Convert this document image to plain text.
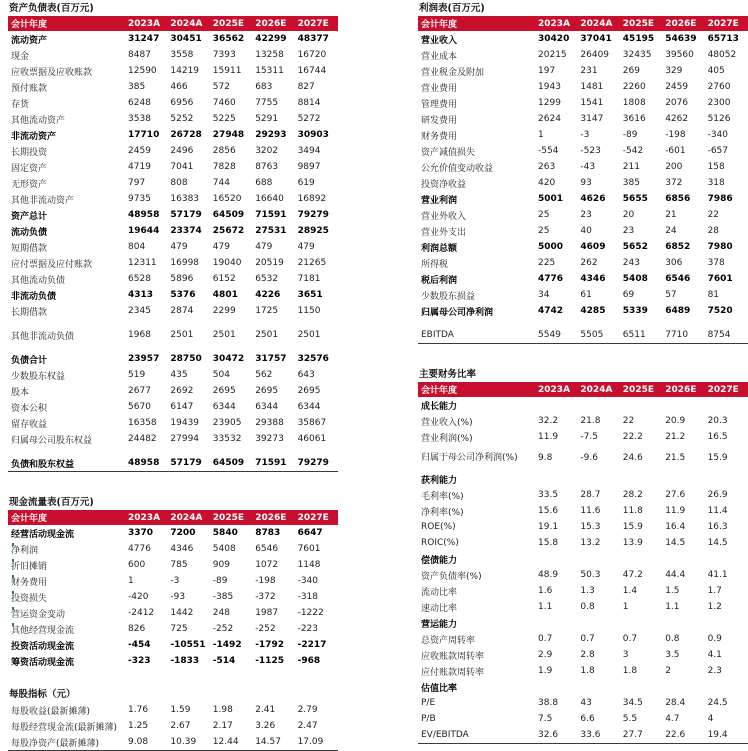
资产负债表(百万元)
会计年度	2023A	2024A	2025E	2026E	2027E
流动资产	31247	30451	36562	42299	48377
现金	8487	3558	7393	13258	16720
应收票据及应收账款	12590	14219	15911	15311	16744
预付账款	385	466	572	683	827
存货	6248	6956	7460	7755	8814
其他流动资产	3538	5252	5225	5291	5272
非流动资产	17710	26728	27948	29293	30903
长期投资	2459	2496	2856	3202	3494
固定资产	4719	7041	7828	8763	9897
无形资产	797	808	744	688	619
其他非流动资产	9735	16383	16520	16640	16892
资产总计	48958	57179	64509	71591	79279
流动负债	19644	23374	25672	27531	28925
短期借款	804	479	479	479	479
应付票据及应付账款	12311	16998	19040	20519	21265
其他流动负债	6528	5896	6152	6532	7181
非流动负债	4313	5376	4801	4226	3651
长期借款	2345	2874	2299	1725	1150

其他非流动负债	1968	2501	2501	2501	2501

负债合计	23957	28750	30472	31757	32576
少数股东权益	519	435	504	562	643
股本	2677	2692	2695	2695	2695
资本公积	5670	6147	6344	6344	6344
留存收益	16358	19439	23905	29388	35867
归属母公司股东权益	24482	27994	33532	39273	46061

负债和股东权益	48958	57179	64509	71591	79279
现金流量表(百万元)
会计年度	2023A	2024A	2025E	2026E	2027E
经营活动现金流	3370	7200	5840	8783	6647
净利润	4776	4346	5408	6546	7601
折旧摊销	600	785	909	1072	1148
财务费用	1	-3	-89	-198	-340
投资损失	-420	-93	-385	-372	-318
营运资金变动	-2412	1442	248	1987	-1222
其他经营现金流	826	725	-252	-252	-223
投资活动现金流	-454	-10551	-1492	-1792	-2217
筹资活动现金流	-323	-1833	-514	-1125	-968
每股指标（元）
每股收益(最新摊薄)	1.76	1.59	1.98	2.41	2.79
每股经营现金流(最新摊薄)	1.25	2.67	2.17	3.26	2.47
每股净资产(最新摊薄)	9.08	10.39	12.44	14.57	17.09
利润表(百万元)
会计年度	2023A	2024A	2025E	2026E	2027E
营业收入	30420	37041	45195	54639	65713
营业成本	20215	26409	32435	39560	48052
营业税金及附加	197	231	269	329	405
营业费用	1943	1481	2260	2459	2760
管理费用	1299	1541	1808	2076	2300
研发费用	2624	3147	3616	4262	5126
财务费用	1	-3	-89	-198	-340
资产减值损失	-554	-523	-542	-601	-657
公允价值变动收益	263	-43	211	200	158
投资净收益	420	93	385	372	318
营业利润	5001	4626	5655	6856	7986
营业外收入	25	23	20	21	22
营业外支出	25	40	23	24	28
利润总额	5000	4609	5652	6852	7980
所得税	225	262	243	306	378
税后利润	4776	4346	5408	6546	7601
少数股东损益	34	61	69	57	81
归属母公司净利润	4742	4285	5339	6489	7520

EBITDA	5549	5505	6511	7710	8754
主要财务比率
会计年度	2023A	2024A	2025E	2026E	2027E
成长能力					
营业收入(%)	32.2	21.8	22	20.9	20.3
营业利润(%)	11.9	-7.5	22.2	21.2	16.5
归属于母公司净利润(%)	9.8	-9.6	24.6	21.5	15.9
获利能力					
毛利率(%)	33.5	28.7	28.2	27.6	26.9
净利率(%)	15.6	11.6	11.8	11.9	11.4
ROE(%)	19.1	15.3	15.9	16.4	16.3
ROIC(%)	15.8	13.2	13.9	14.5	14.5
偿债能力					
资产负债率(%)	48.9	50.3	47.2	44.4	41.1
流动比率	1.6	1.3	1.4	1.5	1.7
速动比率	1.1	0.8	1	1.1	1.2
营运能力					
总资产周转率	0.7	0.7	0.7	0.8	0.9
应收账款周转率	2.9	2.8	3	3.5	4.1
应付账款周转率	1.9	1.8	1.8	2	2.3
估值比率					
P/E	38.8	43	34.5	28.4	24.5
P/B	7.5	6.6	5.5	4.7	4
EV/EBITDA	32.6	33.6	27.7	22.6	19.4
